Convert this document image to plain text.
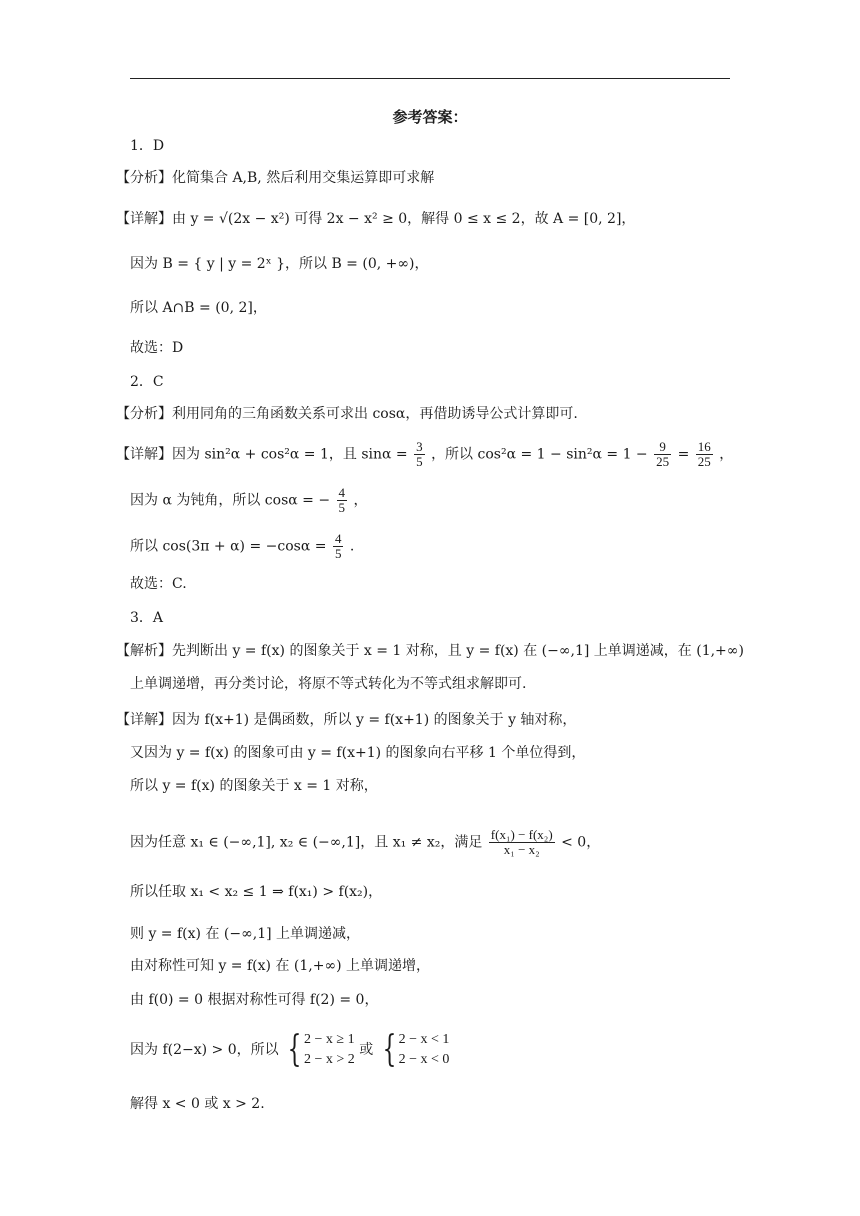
参考答案：
1．D
【分析】化简集合 A,B, 然后利用交集运算即可求解
【详解】由 y = √(2x − x²) 可得 2x − x² ≥ 0，解得 0 ≤ x ≤ 2，故 A = [0, 2]，
因为 B = { y | y = 2ˣ }，所以 B = (0, +∞)，
所以 A∩B = (0, 2]，
故选：D
2．C
【分析】利用同角的三角函数关系可求出 cosα，再借助诱导公式计算即可.
【详解】因为 sin²α + cos²α = 1，且 $\sin\alpha = \frac{3}{5}$ ，所以 $\cos^2\alpha = 1 - \sin^2\alpha = 1 - \frac{9}{25} = \frac{16}{25}$ ，
因为 α 为钝角，所以 cosα = − $\frac{4}{5}$ ，
所以 $\cos(3\pi + \alpha) = -\cos\alpha = \frac{4}{5}$ .
故选：C.
3．A
【解析】先判断出 y = f(x) 的图象关于 x = 1 对称，且 y = f(x) 在 (−∞,1] 上单调递减，在 (1,+∞)
上单调递增，再分类讨论，将原不等式转化为不等式组求解即可.
【详解】因为 f(x+1) 是偶函数，所以 y = f(x+1) 的图象关于 y 轴对称，
又因为 y = f(x) 的图象可由 y = f(x+1) 的图象向右平移 1 个单位得到，
所以 y = f(x) 的图象关于 x = 1 对称，
因为任意 x₁ ∈ (−∞,1], x₂ ∈ (−∞,1]，且 x₁ ≠ x₂，满足 $\frac{\text{f(x₁) − f(x₂)}}{\text{x₁ − x₂}} < 0$，
所以任取 x₁ < x₂ ≤ 1 ⇒ f(x₁) > f(x₂)，
则 y = f(x) 在 (−∞,1] 上单调递减，
由对称性可知 y = f(x) 在 (1,+∞) 上单调递增，
由 f(0) = 0 根据对称性可得 f(2) = 0，
因为 f(2−x) > 0，所以 { 2 − x ≥ 1
2 − x > 2
或 { 2 − x < 1
2 − x < 0
解得 x < 0 或 x > 2.
